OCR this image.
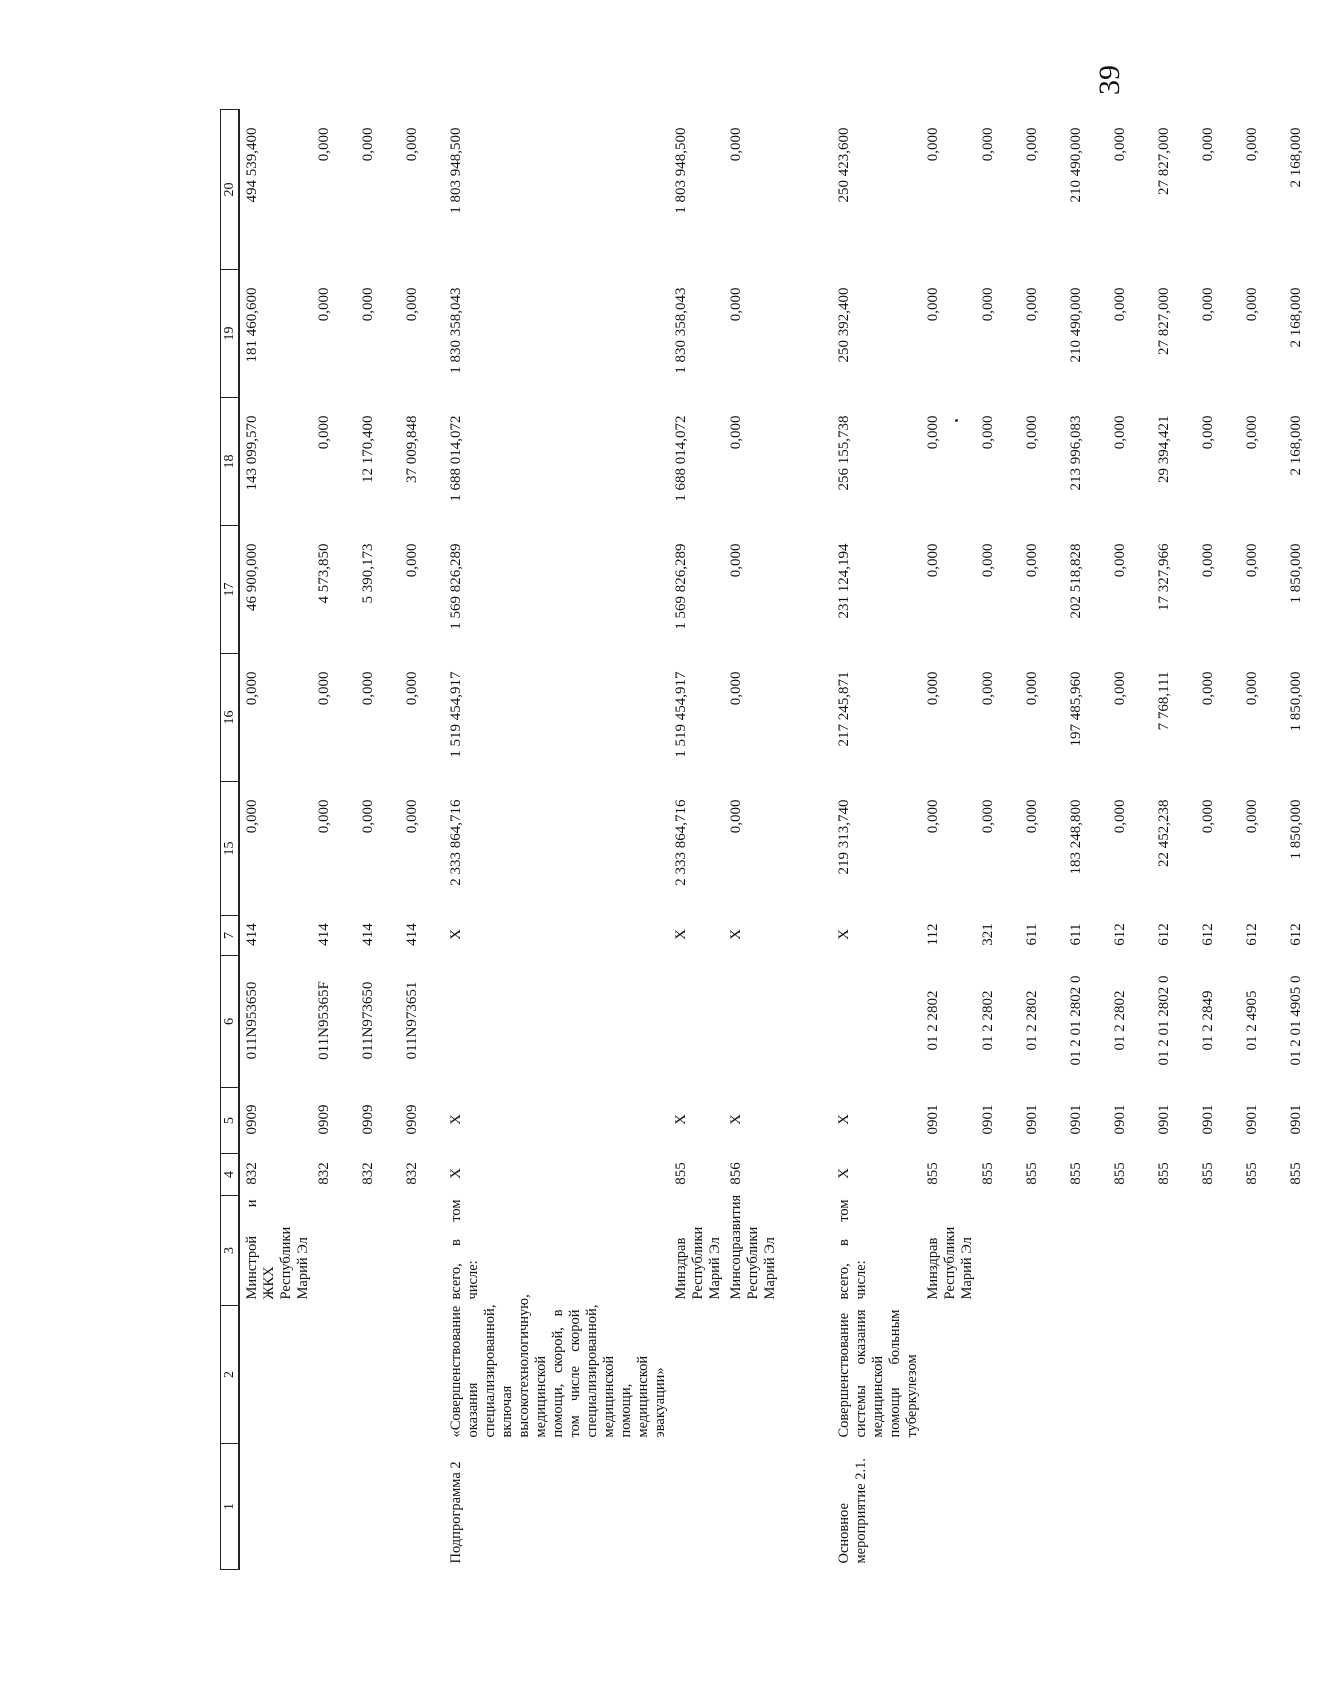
39
1	2	3	4	5	6	7	15	16	17	18	19	20
		Минстрой и ЖКХ Республики Марий Эл	832	0909	011N953650	414	0,000	0,000	46 900,000	143 099,570	181 460,600	494 539,400
			832	0909	011N95365F	414	0,000	0,000	4 573,850	0,000	0,000	0,000
			832	0909	011N973650	414	0,000	0,000	5 390,173	12 170,400	0,000	0,000
			832	0909	011N973651	414	0,000	0,000	0,000	37 009,848	0,000	0,000
Подпрограмма 2	«Совершенствование оказания специализированной, включая высокотехнологичную, медицинской помощи, скорой, в том числе скорой специализированной, медицинской помощи, медицинской эвакуации»	всего, в том числе:	Х	Х		Х	2 333 864,716	1 519 454,917	1 569 826,289	1 688 014,072	1 830 358,043	1 803 948,500
		Минздрав Республики Марий Эл	855	Х		Х	2 333 864,716	1 519 454,917	1 569 826,289	1 688 014,072	1 830 358,043	1 803 948,500
		Минсоцразвития Республики Марий Эл	856	Х		Х	0,000	0,000	0,000	0,000	0,000	0,000
Основное мероприятие 2.1.	Совершенствование системы оказания медицинской помощи больным туберкулезом	всего, в том числе:	Х	Х		Х	219 313,740	217 245,871	231 124,194	256 155,738	250 392,400	250 423,600
		Минздрав Республики Марий Эл	855	0901	01 2 2802	112	0,000	0,000	0,000	0,000	0,000	0,000
			855	0901	01 2 2802	321	0,000	0,000	0,000	0,000	0,000	0,000
			855	0901	01 2 2802	611	0,000	0,000	0,000	0,000	0,000	0,000
			855	0901	01 2 01 2802 0	611	183 248,800	197 485,960	202 518,828	213 996,083	210 490,000	210 490,000
			855	0901	01 2 2802	612	0,000	0,000	0,000	0,000	0,000	0,000
			855	0901	01 2 01 2802 0	612	22 452,238	7 768,111	17 327,966	29 394,421	27 827,000	27 827,000
			855	0901	01 2 2849	612	0,000	0,000	0,000	0,000	0,000	0,000
			855	0901	01 2 4905	612	0,000	0,000	0,000	0,000	0,000	0,000
			855	0901	01 2 01 4905 0	612	1 850,000	1 850,000	1 850,000	2 168,000	2 168,000	2 168,000
